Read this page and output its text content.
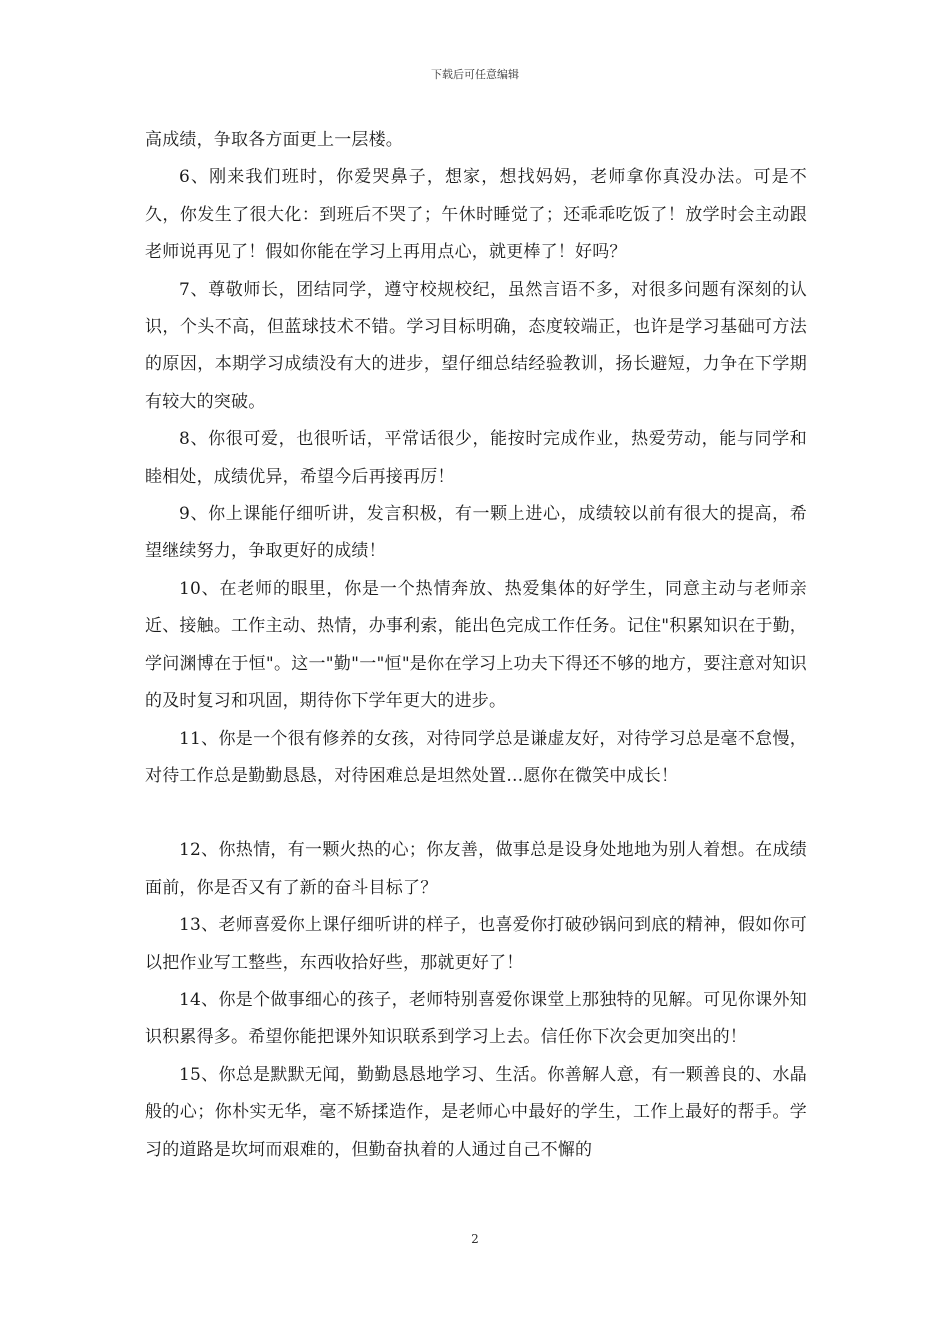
下载后可任意编辑

高成绩，争取各方面更上一层楼。

6、刚来我们班时，你爱哭鼻子，想家，想找妈妈，老师拿你真没办法。可是不久，你发生了很大化：到班后不哭了；午休时睡觉了；还乖乖吃饭了！放学时会主动跟老师说再见了！假如你能在学习上再用点心，就更棒了！好吗？

7、尊敬师长，团结同学，遵守校规校纪，虽然言语不多，对很多问题有深刻的认识，个头不高，但蓝球技术不错。学习目标明确，态度较端正，也许是学习基础可方法的原因，本期学习成绩没有大的进步，望仔细总结经验教训，扬长避短，力争在下学期有较大的突破。

8、你很可爱，也很听话，平常话很少，能按时完成作业，热爱劳动，能与同学和睦相处，成绩优异，希望今后再接再厉！

9、你上课能仔细听讲，发言积极，有一颗上进心，成绩较以前有很大的提高，希望继续努力，争取更好的成绩！

10、在老师的眼里，你是一个热情奔放、热爱集体的好学生，同意主动与老师亲近、接触。工作主动、热情，办事利索，能出色完成工作任务。记住"积累知识在于勤，学问渊博在于恒"。这一"勤"一"恒"是你在学习上功夫下得还不够的地方，要注意对知识的及时复习和巩固，期待你下学年更大的进步。

11、你是一个很有修养的女孩，对待同学总是谦虚友好，对待学习总是毫不怠慢，对待工作总是勤勤恳恳，对待困难总是坦然处置…愿你在微笑中成长！

12、你热情，有一颗火热的心；你友善，做事总是设身处地地为别人着想。在成绩面前，你是否又有了新的奋斗目标了？

13、老师喜爱你上课仔细听讲的样子，也喜爱你打破砂锅问到底的精神，假如你可以把作业写工整些，东西收拾好些，那就更好了！

14、你是个做事细心的孩子，老师特别喜爱你课堂上那独特的见解。可见你课外知识积累得多。希望你能把课外知识联系到学习上去。信任你下次会更加突出的！

15、你总是默默无闻，勤勤恳恳地学习、生活。你善解人意，有一颗善良的、水晶般的心；你朴实无华，毫不矫揉造作，是老师心中最好的学生，工作上最好的帮手。学习的道路是坎坷而艰难的，但勤奋执着的人通过自己不懈的

2
